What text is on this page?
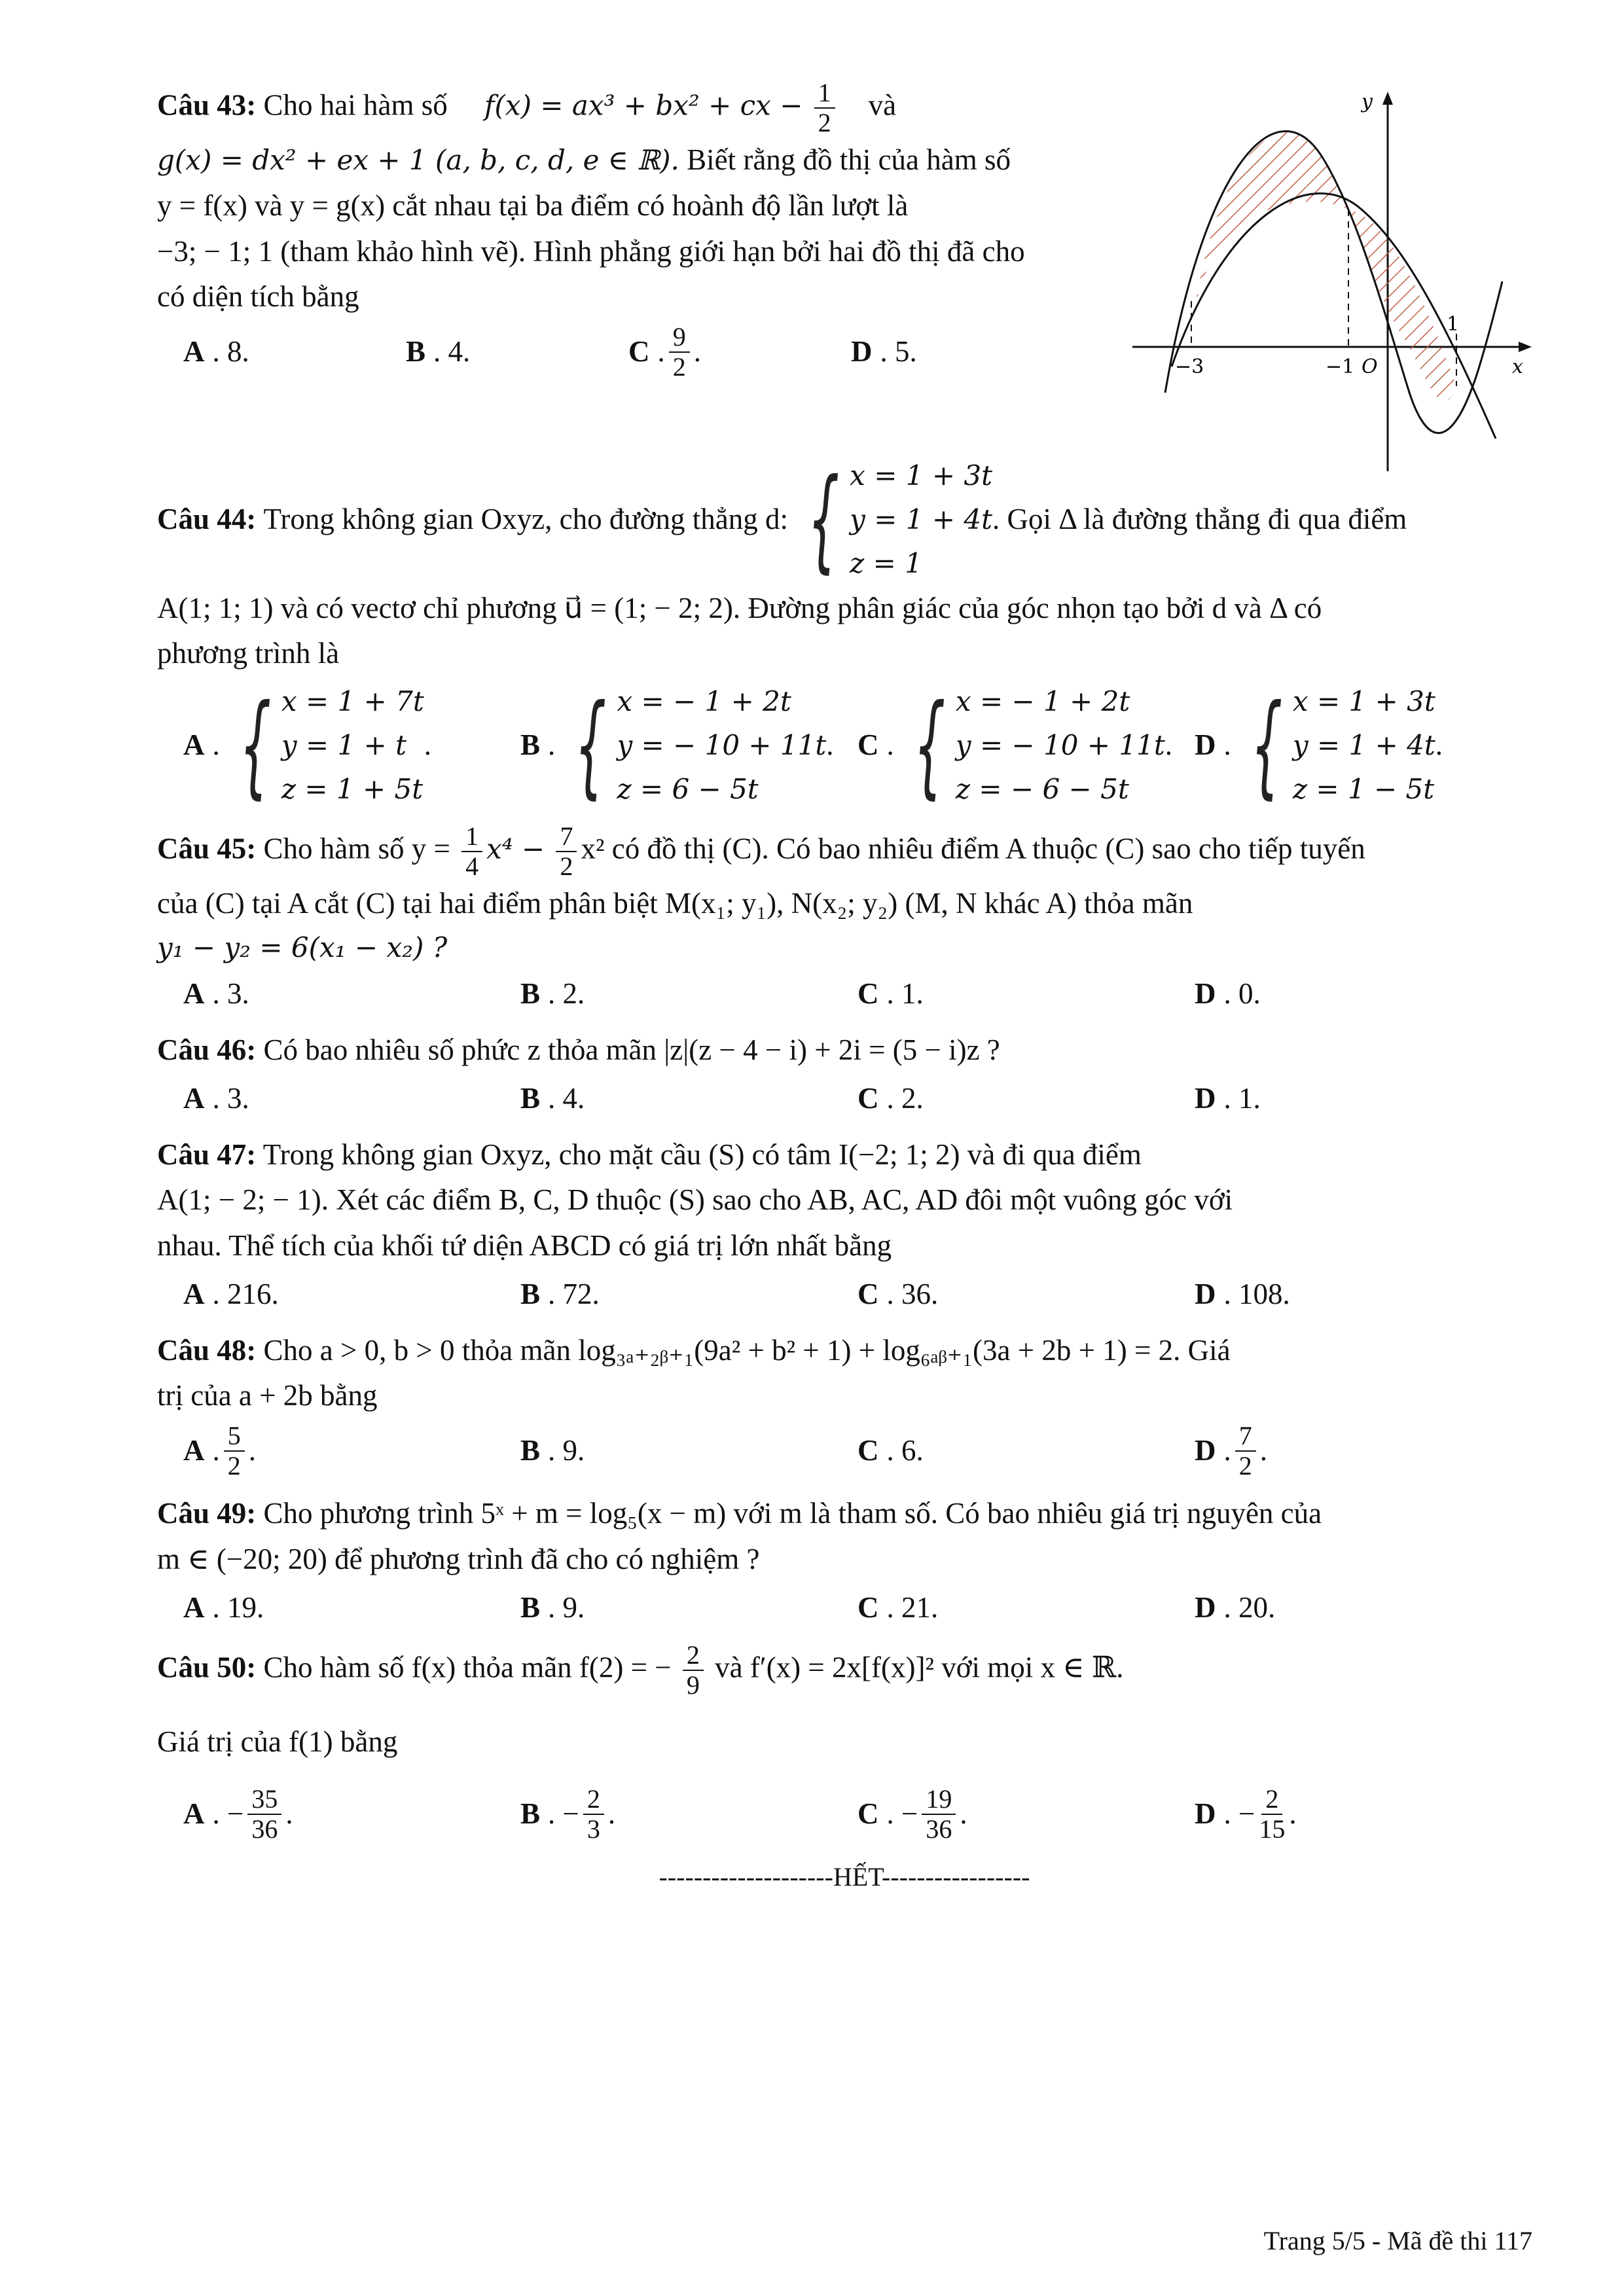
y
x
O
−3	−1
1
Câu 43: Cho hai hàm số f(x) = ax³ + bx² + cx − $\frac{1}{2}$ và
g(x) = dx² + ex + 1 (a, b, c, d, e ∈ ℝ). Biết rằng đồ thị của hàm số
y = f(x) và y = g(x) cắt nhau tại ba điểm có hoành độ lần lượt là
−3; − 1; 1 (tham khảo hình vẽ). Hình phẳng giới hạn bởi hai đồ thị đã cho
có diện tích bằng
A . 8.	B . 4.	C . $\frac{9}{2}$ .	D . 5.
Câu 44:
Trong không gian Oxyz, cho đường thẳng d: { x = 1 + 3t
y = 1 + 4t
z = 1
. Gọi Δ là đường thẳng đi qua điểm
A(1; 1; 1) và có vectơ chỉ phương u⃗ = (1; − 2; 2). Đường phân giác của góc nhọn tạo bởi d và Δ có
phương trình là
A . { x = 1 + 7t
y = 1 + t
z = 1 + 5t
.	B . { x = − 1 + 2t
y = − 10 + 11t
z = 6 − 5t
. C . { x = − 1 + 2t
y = − 10 + 11t
z = − 6 − 5t
. D . { x = 1 + 3t
y = 1 + 4t
z = 1 − 5t
.
Câu 45: Cho hàm số $y = \frac{1}{4} x^4 - \frac{7}{2} x^2$ có đồ thị (C). Có bao nhiêu điểm A thuộc (C) sao cho tiếp tuyến
của (C) tại A cắt (C) tại hai điểm phân biệt M(x₁; y₁), N(x₂; y₂) (M, N khác A) thỏa mãn
y₁ − y₂ = 6(x₁ − x₂) ?
A . 3.	B . 2.	C . 1.	D . 0.
Câu 46: Có bao nhiêu số phức z thỏa mãn |z|(z − 4 − i) + 2i = (5 − i)z ?
A . 3.	B . 4.	C . 2.	D . 1.
Câu 47: Trong không gian Oxyz, cho mặt cầu (S) có tâm I(−2; 1; 2) và đi qua điểm
A(1; − 2; − 1). Xét các điểm B, C, D thuộc (S) sao cho AB, AC, AD đôi một vuông góc với
nhau. Thể tích của khối tứ diện ABCD có giá trị lớn nhất bằng
A . 216.	B . 72.	C . 36.	D . 108.
Câu 48: Cho a > 0, b > 0 thỏa mãn log₃ₐ₊₂ᵦ₊₁(9a² + b² + 1) + log₆ₐᵦ₊₁(3a + 2b + 1) = 2. Giá
trị của a + 2b bằng
A . $\frac{5}{2}$ .	B . 9.	C . 6.	D . $\frac{7}{2}$ .
Câu 49: Cho phương trình 5ˣ + m = log₅(x − m) với m là tham số. Có bao nhiêu giá trị nguyên của
m ∈ (−20; 20) để phương trình đã cho có nghiệm ?
A . 19.	B . 9.	C . 21.	D . 20.
Câu 50: Cho hàm số f(x) thỏa mãn f(2) = − $\frac{2}{9}$ và f′(x) = 2x[f(x)]² với mọi x ∈ ℝ.
Giá trị của f(1) bằng
A . − $\frac{35}{36}$ .	B . − $\frac{2}{3}$ .	C . − $\frac{19}{36}$ .	D . − $\frac{2}{15}$ .
--------------------HẾT-----------------
Trang 5/5 - Mã đề thi 117
